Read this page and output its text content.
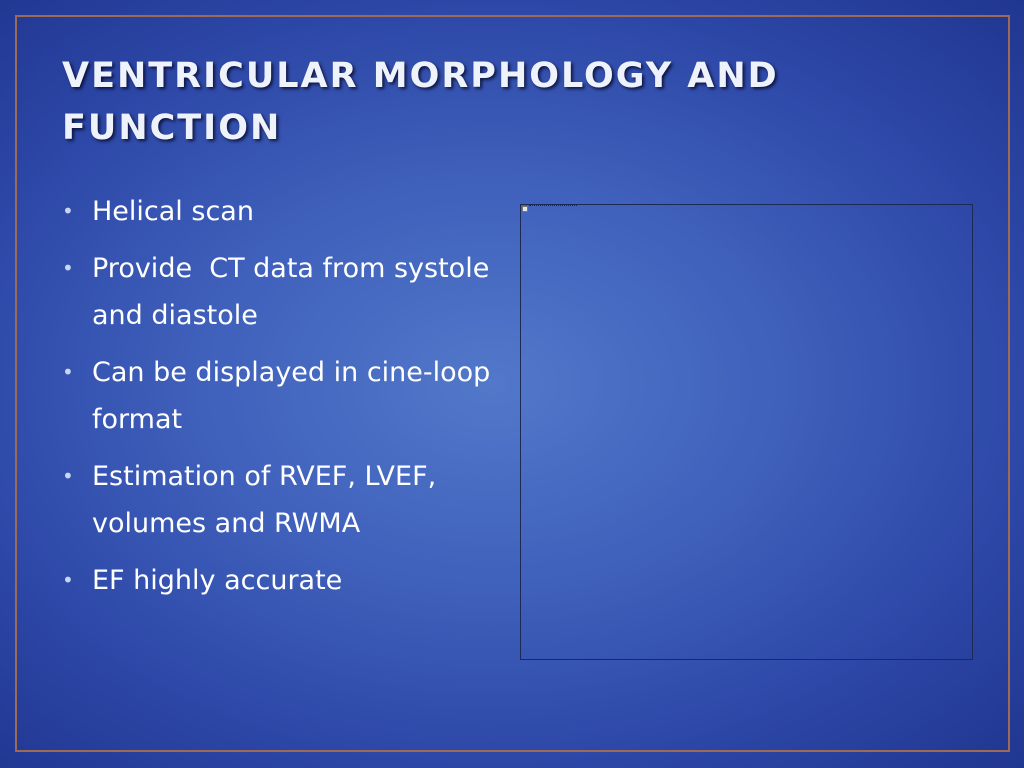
VENTRICULAR MORPHOLOGY AND FUNCTION
• Helical scan
• Provide  CT data from systole and diastole
• Can be displayed in cine-loop format
• Estimation of RVEF, LVEF, volumes and RWMA
• EF highly accurate
